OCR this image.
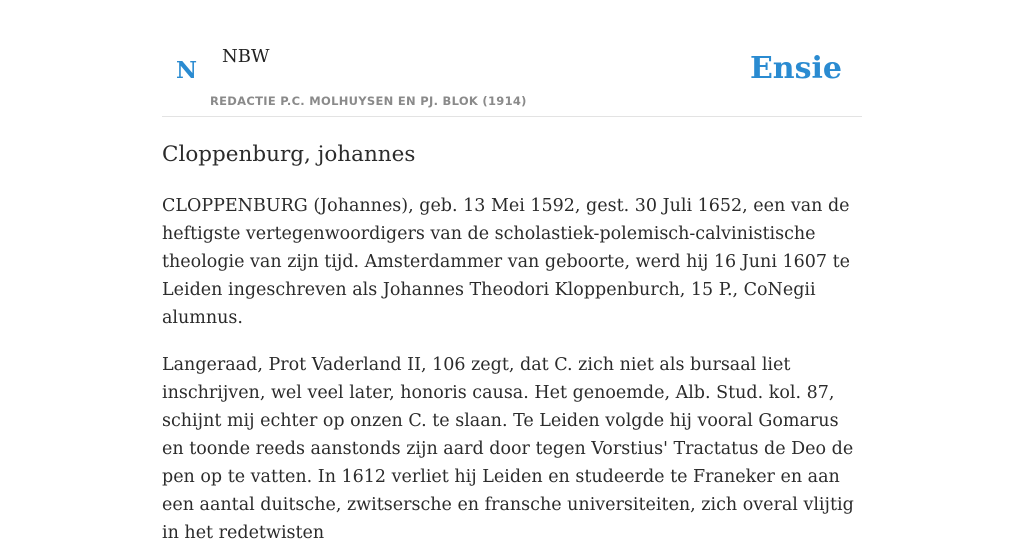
N
NBW
REDACTIE P.C. MOLHUYSEN EN PJ. BLOK (1914)
Ensie
Cloppenburg, johannes

CLOPPENBURG (Johannes), geb. 13 Mei 1592, gest. 30 Juli 1652, een van de heftigste vertegenwoordigers van de scholastiek-polemisch-calvinistische theologie van zijn tijd. Amsterdammer van geboorte, werd hij 16 Juni 1607 te Leiden ingeschreven als Johannes Theodori Kloppenburch, 15 P., CoNegii alumnus.

Langeraad, Prot Vaderland II, 106 zegt, dat C. zich niet als bursaal liet inschrijven, wel veel later, honoris causa. Het genoemde, Alb. Stud. kol. 87, schijnt mij echter op onzen C. te slaan. Te Leiden volgde hij vooral Gomarus en toonde reeds aanstonds zijn aard door tegen Vorstius' Tractatus de Deo de pen op te vatten. In 1612 verliet hij Leiden en studeerde te Franeker en aan een aantal duitsche, zwitsersche en fransche universiteiten, zich overal vlijtig in het redetwisten
